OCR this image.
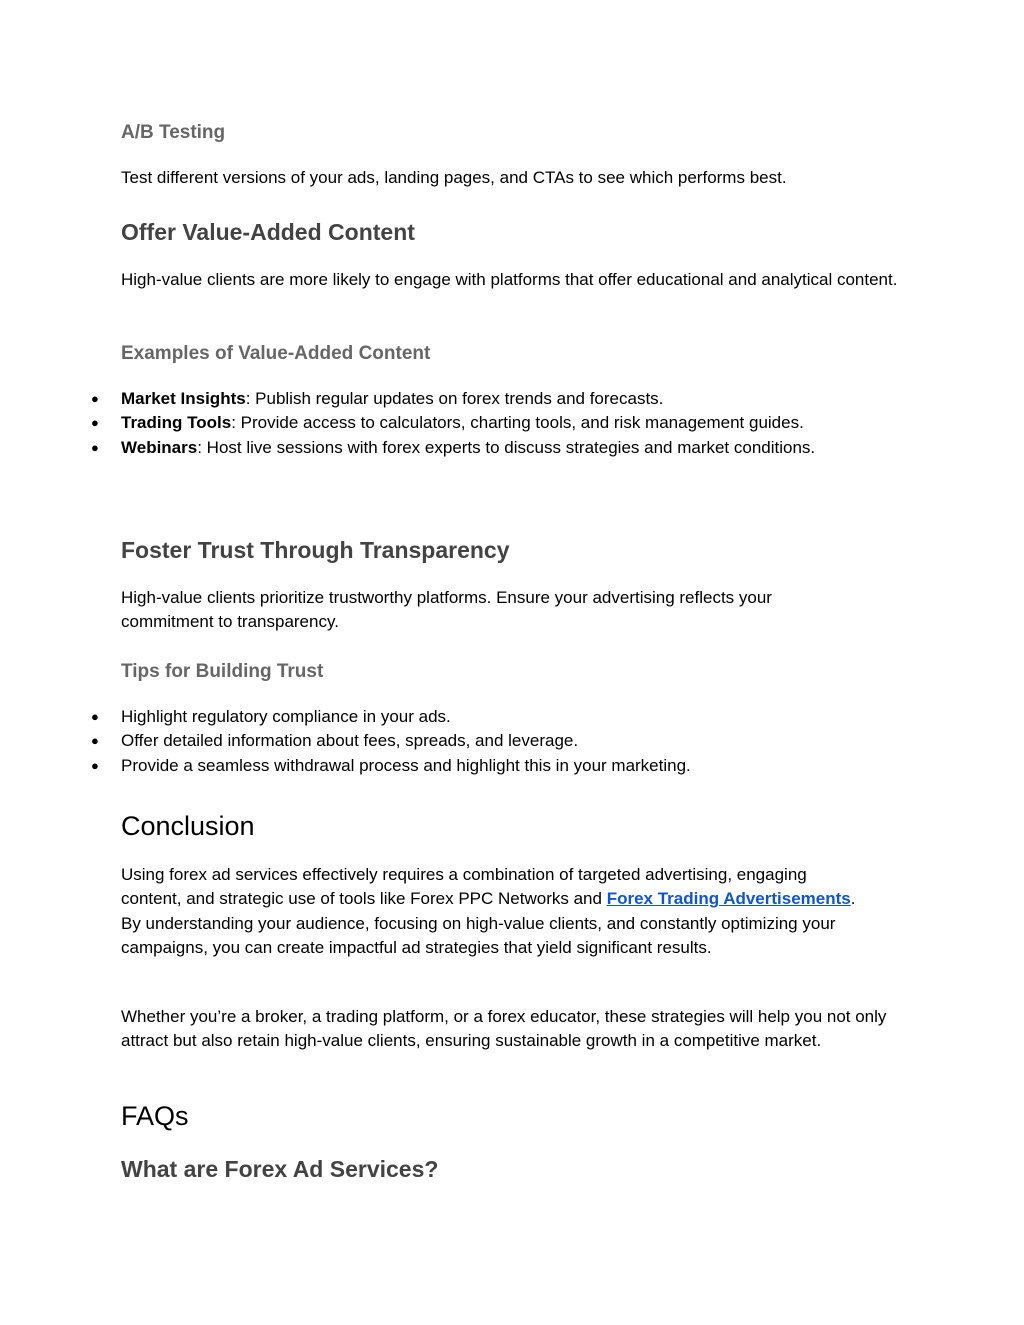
A/B Testing

Test different versions of your ads, landing pages, and CTAs to see which performs best.

Offer Value-Added Content

High-value clients are more likely to engage with platforms that offer educational and analytical content.

Examples of Value-Added Content
● Market Insights: Publish regular updates on forex trends and forecasts.
● Trading Tools: Provide access to calculators, charting tools, and risk management guides.
● Webinars: Host live sessions with forex experts to discuss strategies and market conditions.
Foster Trust Through Transparency

High-value clients prioritize trustworthy platforms. Ensure your advertising reflects your commitment to transparency.

Tips for Building Trust
● Highlight regulatory compliance in your ads.
● Offer detailed information about fees, spreads, and leverage.
● Provide a seamless withdrawal process and highlight this in your marketing.
Conclusion

Using forex ad services effectively requires a combination of targeted advertising, engaging content, and strategic use of tools like Forex PPC Networks and Forex Trading Advertisements. By understanding your audience, focusing on high-value clients, and constantly optimizing your campaigns, you can create impactful ad strategies that yield significant results.

Whether you’re a broker, a trading platform, or a forex educator, these strategies will help you not only attract but also retain high-value clients, ensuring sustainable growth in a competitive market.

FAQs
What are Forex Ad Services?
